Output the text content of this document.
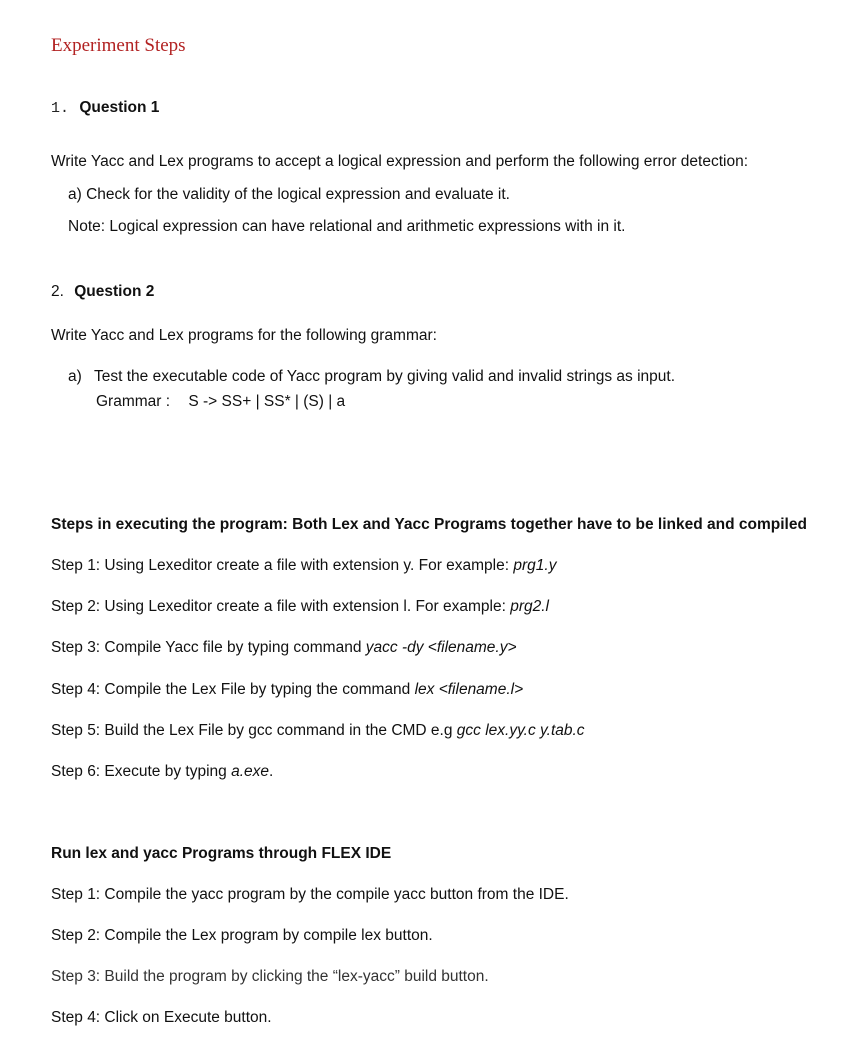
Experiment Steps
1. Question 1
Write Yacc and Lex programs to accept a logical expression and perform the following error detection:
a) Check for the validity of the logical expression and evaluate it.
Note: Logical expression can have relational and arithmetic expressions with in it.
2. Question 2
Write Yacc and Lex programs for the following grammar:
a) Test the executable code of Yacc program by giving valid and invalid strings as input.
Grammar : S -> SS+ | SS* | (S) | a
Steps in executing the program: Both Lex and Yacc Programs together have to be linked and compiled
Step 1: Using Lexeditor create a file with extension y. For example: prg1.y
Step 2: Using Lexeditor create a file with extension l. For example: prg2.l
Step 3: Compile Yacc file by typing command yacc -dy <filename.y>
Step 4: Compile the Lex File by typing the command lex <filename.l>
Step 5: Build the Lex File by gcc command in the CMD e.g gcc lex.yy.c y.tab.c
Step 6: Execute by typing a.exe.
Run lex and yacc Programs through FLEX IDE
Step 1: Compile the yacc program by the compile yacc button from the IDE.
Step 2: Compile the Lex program by compile lex button.
Step 3: Build the program by clicking the “lex-yacc” build button.
Step 4: Click on Execute button.
